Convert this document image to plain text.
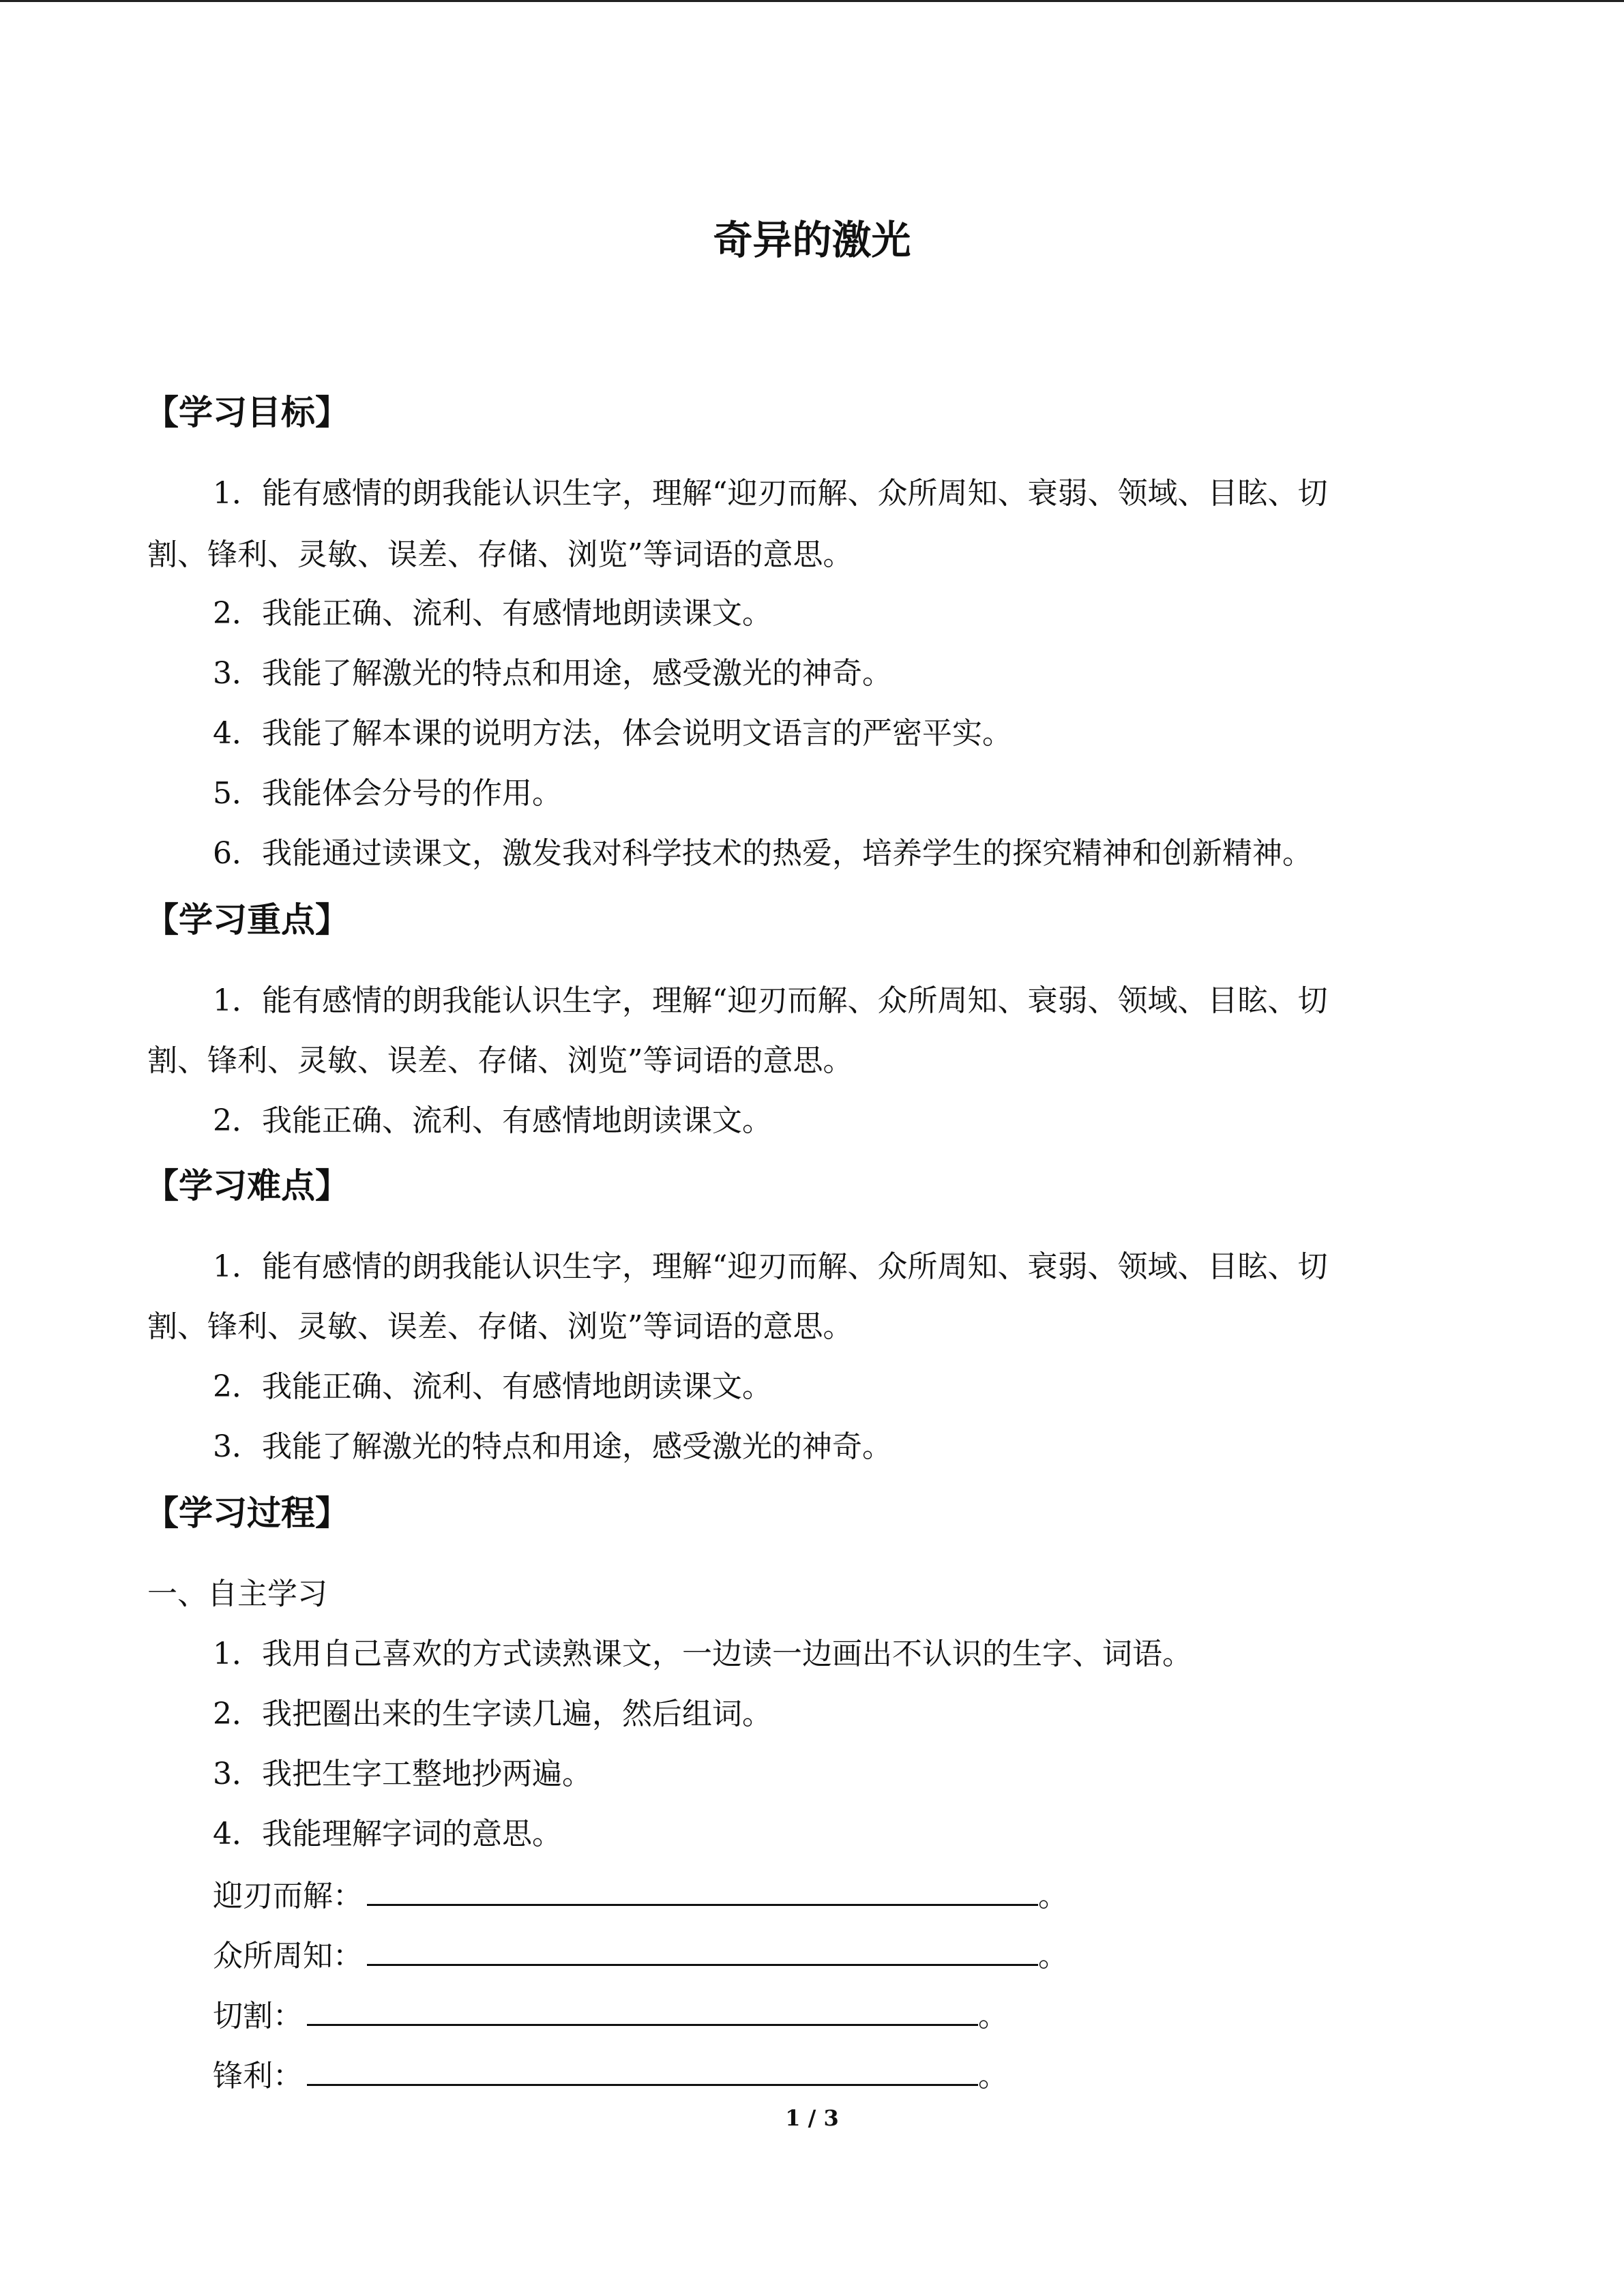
奇异的激光
【学习目标】
1．能有感情的朗我能认识生字，理解“迎刃而解、众所周知、衰弱、领域、目眩、切
割、锋利、灵敏、误差、存储、浏览”等词语的意思。
2．我能正确、流利、有感情地朗读课文。
3．我能了解激光的特点和用途，感受激光的神奇。
4．我能了解本课的说明方法，体会说明文语言的严密平实。
5．我能体会分号的作用。
6．我能通过读课文，激发我对科学技术的热爱，培养学生的探究精神和创新精神。
【学习重点】
1．能有感情的朗我能认识生字，理解“迎刃而解、众所周知、衰弱、领域、目眩、切
割、锋利、灵敏、误差、存储、浏览”等词语的意思。
2．我能正确、流利、有感情地朗读课文。
【学习难点】
1．能有感情的朗我能认识生字，理解“迎刃而解、众所周知、衰弱、领域、目眩、切
割、锋利、灵敏、误差、存储、浏览”等词语的意思。
2．我能正确、流利、有感情地朗读课文。
3．我能了解激光的特点和用途，感受激光的神奇。
【学习过程】
一、自主学习
1．我用自己喜欢的方式读熟课文，一边读一边画出不认识的生字、词语。
2．我把圈出来的生字读几遍，然后组词。
3．我把生字工整地抄两遍。
4．我能理解字词的意思。
迎刃而解：	。
众所周知：	。
切割：	。
锋利：	。
1 / 3
